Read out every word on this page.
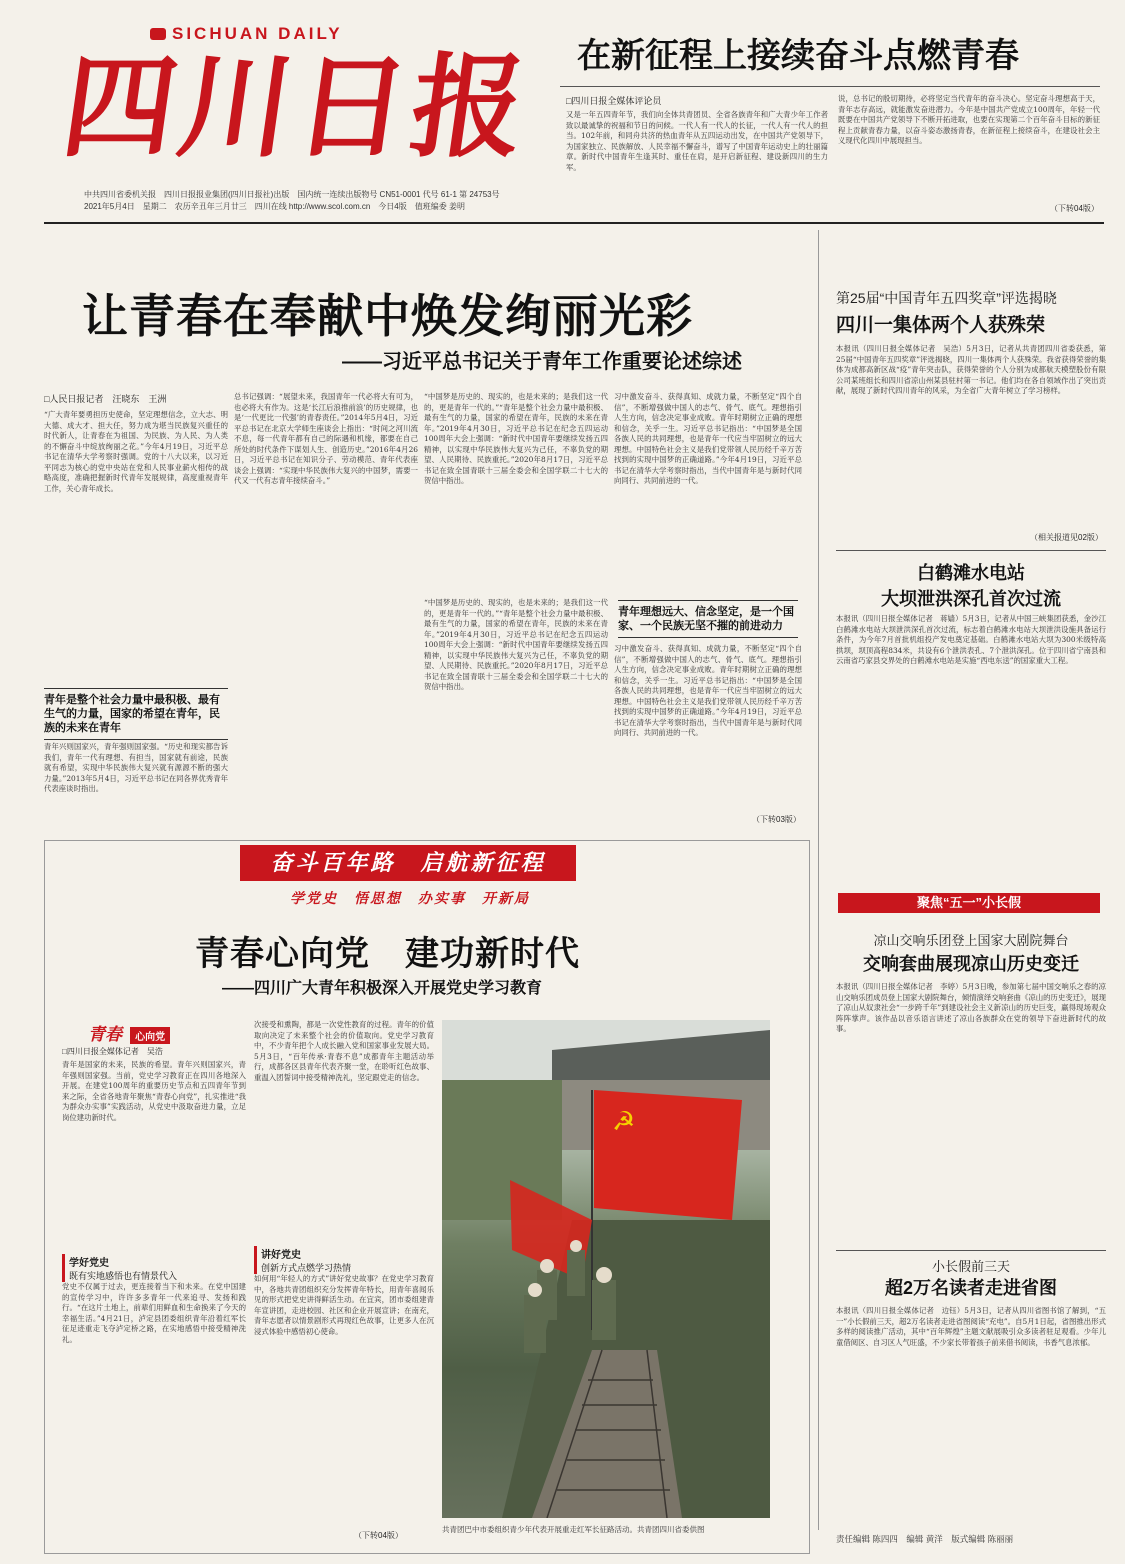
SICHUAN DAILY
四川日报
中共四川省委机关报　四川日报报业集团(四川日报社)出版　国内统一连续出版物号 CN51-0001 代号 61-1 第 24753号
2021年5月4日　星期二　农历辛丑年三月廿三　四川在线 http://www.scol.com.cn　今日4版　值班编委 姜明
在新征程上接续奋斗点燃青春
□四川日报全媒体评论员
又是一年五四青年节，我们向全体共青团员、全省各族青年和广大青少年工作者致以最诚挚的祝福和节日的问候。一代人有一代人的长征，一代人有一代人的担当。102年前，和同舟共济的热血青年从五四运动出发，在中国共产党领导下，为国家独立、民族解放、人民幸福不懈奋斗，谱写了中国青年运动史上的壮丽篇章。新时代中国青年生逢其时、重任在肩，是开启新征程、建设新四川的生力军。
说，总书记的殷切期待，必将坚定当代青年的奋斗决心。坚定奋斗理想高于天，青年志存高远，就能激发奋进潜力。今年是中国共产党成立100周年，年轻一代既要在中国共产党领导下不断开拓进取，也要在实现第二个百年奋斗目标的新征程上贡献青春力量，以奋斗姿态激扬青春，在新征程上接续奋斗，在建设社会主义现代化四川中展现担当。
（下转04版）
让青春在奉献中焕发绚丽光彩
——习近平总书记关于青年工作重要论述综述
□人民日报记者　汪晓东　王洲
“广大青年要勇担历史使命，坚定理想信念，立大志、明大德、成大才、担大任，努力成为堪当民族复兴重任的时代新人，让青春在为祖国、为民族、为人民、为人类的不懈奋斗中绽放绚丽之花。”今年4月19日，习近平总书记在清华大学考察时强调。党的十八大以来，以习近平同志为核心的党中央站在党和人民事业薪火相传的战略高度，准确把握新时代青年发展规律，高度重视青年工作，关心青年成长。
青年是整个社会力量中最积极、最有生气的力量，国家的希望在青年，民族的未来在青年
青年兴则国家兴，青年强则国家强。“历史和现实都告诉我们，青年一代有理想、有担当，国家就有前途，民族就有希望，实现中华民族伟大复兴就有源源不断的强大力量。”2013年5月4日，习近平总书记在同各界优秀青年代表座谈时指出。
总书记强调：“展望未来，我国青年一代必将大有可为，也必将大有作为。这是‘长江后浪推前浪’的历史规律，也是‘一代更比一代强’的青春责任。”2014年5月4日，习近平总书记在北京大学师生座谈会上指出：“时间之河川流不息，每一代青年都有自己的际遇和机缘，都要在自己所处的时代条件下谋划人生、创造历史。”2016年4月26日，习近平总书记在知识分子、劳动模范、青年代表座谈会上强调：“实现中华民族伟大复兴的中国梦，需要一代又一代有志青年接续奋斗。”
“中国梦是历史的、现实的，也是未来的；是我们这一代的，更是青年一代的。”“青年是整个社会力量中最积极、最有生气的力量，国家的希望在青年，民族的未来在青年。”2019年4月30日，习近平总书记在纪念五四运动100周年大会上强调：“新时代中国青年要继续发扬五四精神，以实现中华民族伟大复兴为己任，不辜负党的期望、人民期待、民族重托。”2020年8月17日，习近平总书记在致全国青联十三届全委会和全国学联二十七大的贺信中指出。
青年理想远大、信念坚定，是一个国家、一个民族无坚不摧的前进动力
“中国梦是历史的、现实的，也是未来的；是我们这一代的，更是青年一代的。”“青年是整个社会力量中最积极、最有生气的力量，国家的希望在青年，民族的未来在青年。”2019年4月30日，习近平总书记在纪念五四运动100周年大会上强调：“新时代中国青年要继续发扬五四精神，以实现中华民族伟大复兴为己任，不辜负党的期望、人民期待、民族重托。”2020年8月17日，习近平总书记在致全国青联十三届全委会和全国学联二十七大的贺信中指出。
习中激发奋斗、获得真知、成就力量，不断坚定“四个自信”，不断增强做中国人的志气、骨气、底气。理想指引人生方向，信念决定事业成败。青年时期树立正确的理想和信念，关乎一生。习近平总书记指出：“中国梦是全国各族人民的共同理想，也是青年一代应当牢固树立的远大理想。中国特色社会主义是我们党带领人民历经千辛万苦找到的实现中国梦的正确道路。”今年4月19日，习近平总书记在清华大学考察时指出，当代中国青年是与新时代同向同行、共同前进的一代。
习中激发奋斗、获得真知、成就力量，不断坚定“四个自信”，不断增强做中国人的志气、骨气、底气。理想指引人生方向，信念决定事业成败。青年时期树立正确的理想和信念，关乎一生。习近平总书记指出：“中国梦是全国各族人民的共同理想，也是青年一代应当牢固树立的远大理想。中国特色社会主义是我们党带领人民历经千辛万苦找到的实现中国梦的正确道路。”今年4月19日，习近平总书记在清华大学考察时指出，当代中国青年是与新时代同向同行、共同前进的一代。
（下转03版）
第25届“中国青年五四奖章”评选揭晓
四川一集体两个人获殊荣
本报讯（四川日报全媒体记者　吴浩）5月3日，记者从共青团四川省委获悉，第25届“中国青年五四奖章”评选揭晓，四川一集体两个人获殊荣。我省获得荣誉的集体为成都高新区战“疫”青年突击队，获得荣誉的个人分别为成都航天模塑股份有限公司某班组长和四川省凉山州某县驻村第一书记。他们均在各自领域作出了突出贡献，展现了新时代四川青年的风采，为全省广大青年树立了学习榜样。
（相关报道见02版）
白鹤滩水电站
大坝泄洪深孔首次过流
本报讯（四川日报全媒体记者　蒋嫱）5月3日，记者从中国三峡集团获悉，金沙江白鹤滩水电站大坝泄洪深孔首次过流，标志着白鹤滩水电站大坝泄洪设施具备运行条件，为今年7月首批机组投产发电奠定基础。白鹤滩水电站大坝为300米级特高拱坝，坝顶高程834米，共设有6个泄洪表孔、7个泄洪深孔。位于四川省宁南县和云南省巧家县交界处的白鹤滩水电站是实施“西电东送”的国家重大工程。
聚焦“五一”小长假
凉山交响乐团登上国家大剧院舞台
交响套曲展现凉山历史变迁
本报讯（四川日报全媒体记者　李婷）5月3日晚，参加第七届中国交响乐之春的凉山交响乐团成员登上国家大剧院舞台，倾情演绎交响套曲《凉山的历史变迁》，展现了凉山从奴隶社会“一步跨千年”到建设社会主义新凉山的历史巨变，赢得现场观众阵阵掌声。该作品以音乐语言讲述了凉山各族群众在党的领导下奋进新时代的故事。
小长假前三天
超2万名读者走进省图
本报讯（四川日报全媒体记者　边钰）5月3日，记者从四川省图书馆了解到，“五一”小长假前三天，超2万名读者走进省图阅读“充电”。自5月1日起，省图推出形式多样的阅读推广活动，其中“百年辉煌”主题文献展吸引众多读者驻足观看。少年儿童借阅区、自习区人气旺盛，不少家长带着孩子前来借书阅读，书香气息浓郁。
责任编辑 陈四四　编辑 黄洋　版式编辑 陈丽丽
奋斗百年路　启航新征程
学党史　悟思想　办实事　开新局
青春心向党　建功新时代
——四川广大青年积极深入开展党史学习教育
青春 心向党
□四川日报全媒体记者　吴浩
青年是国家的未来，民族的希望。青年兴则国家兴，青年强则国家强。当前，党史学习教育正在四川各地深入开展。在建党100周年的重要历史节点和五四青年节到来之际，全省各地青年聚焦“青春心向党”，扎实推进“我为群众办实事”实践活动，从党史中汲取奋进力量，立足岗位建功新时代。
学好党史
既有实地感悟也有情景代入
党史不仅属于过去，更连接着当下和未来。在党中国建的宣传学习中，许许多多青年一代来追寻、发扬和践行。“在这片土地上，前辈们用鲜血和生命换来了今天的幸福生活。”4月21日，泸定县团委组织青年沿着红军长征足迹重走飞夺泸定桥之路，在实地感悟中接受精神洗礼。
次接受和熏陶，都是一次党性教育的过程。青年的价值取向决定了未来整个社会的价值取向。党史学习教育中，不少青年把个人成长融入党和国家事业发展大局。5月3日，“百年传承·青春不息”成都青年主题活动举行，成都各区县青年代表齐聚一堂，在聆听红色故事、重温入团誓词中接受精神洗礼，坚定跟党走的信念。
讲好党史
创新方式点燃学习热情
如何用“年轻人的方式”讲好党史故事？在党史学习教育中，各地共青团组织充分发挥青年特长，用青年喜闻乐见的形式把党史讲得鲜活生动。在宜宾，团市委组建青年宣讲团，走进校园、社区和企业开展宣讲；在南充，青年志愿者以情景剧形式再现红色故事，让更多人在沉浸式体验中感悟初心使命。
（下转04版）
☭
共青团巴中市委组织青少年代表开展重走红军长征路活动。共青团四川省委供图
